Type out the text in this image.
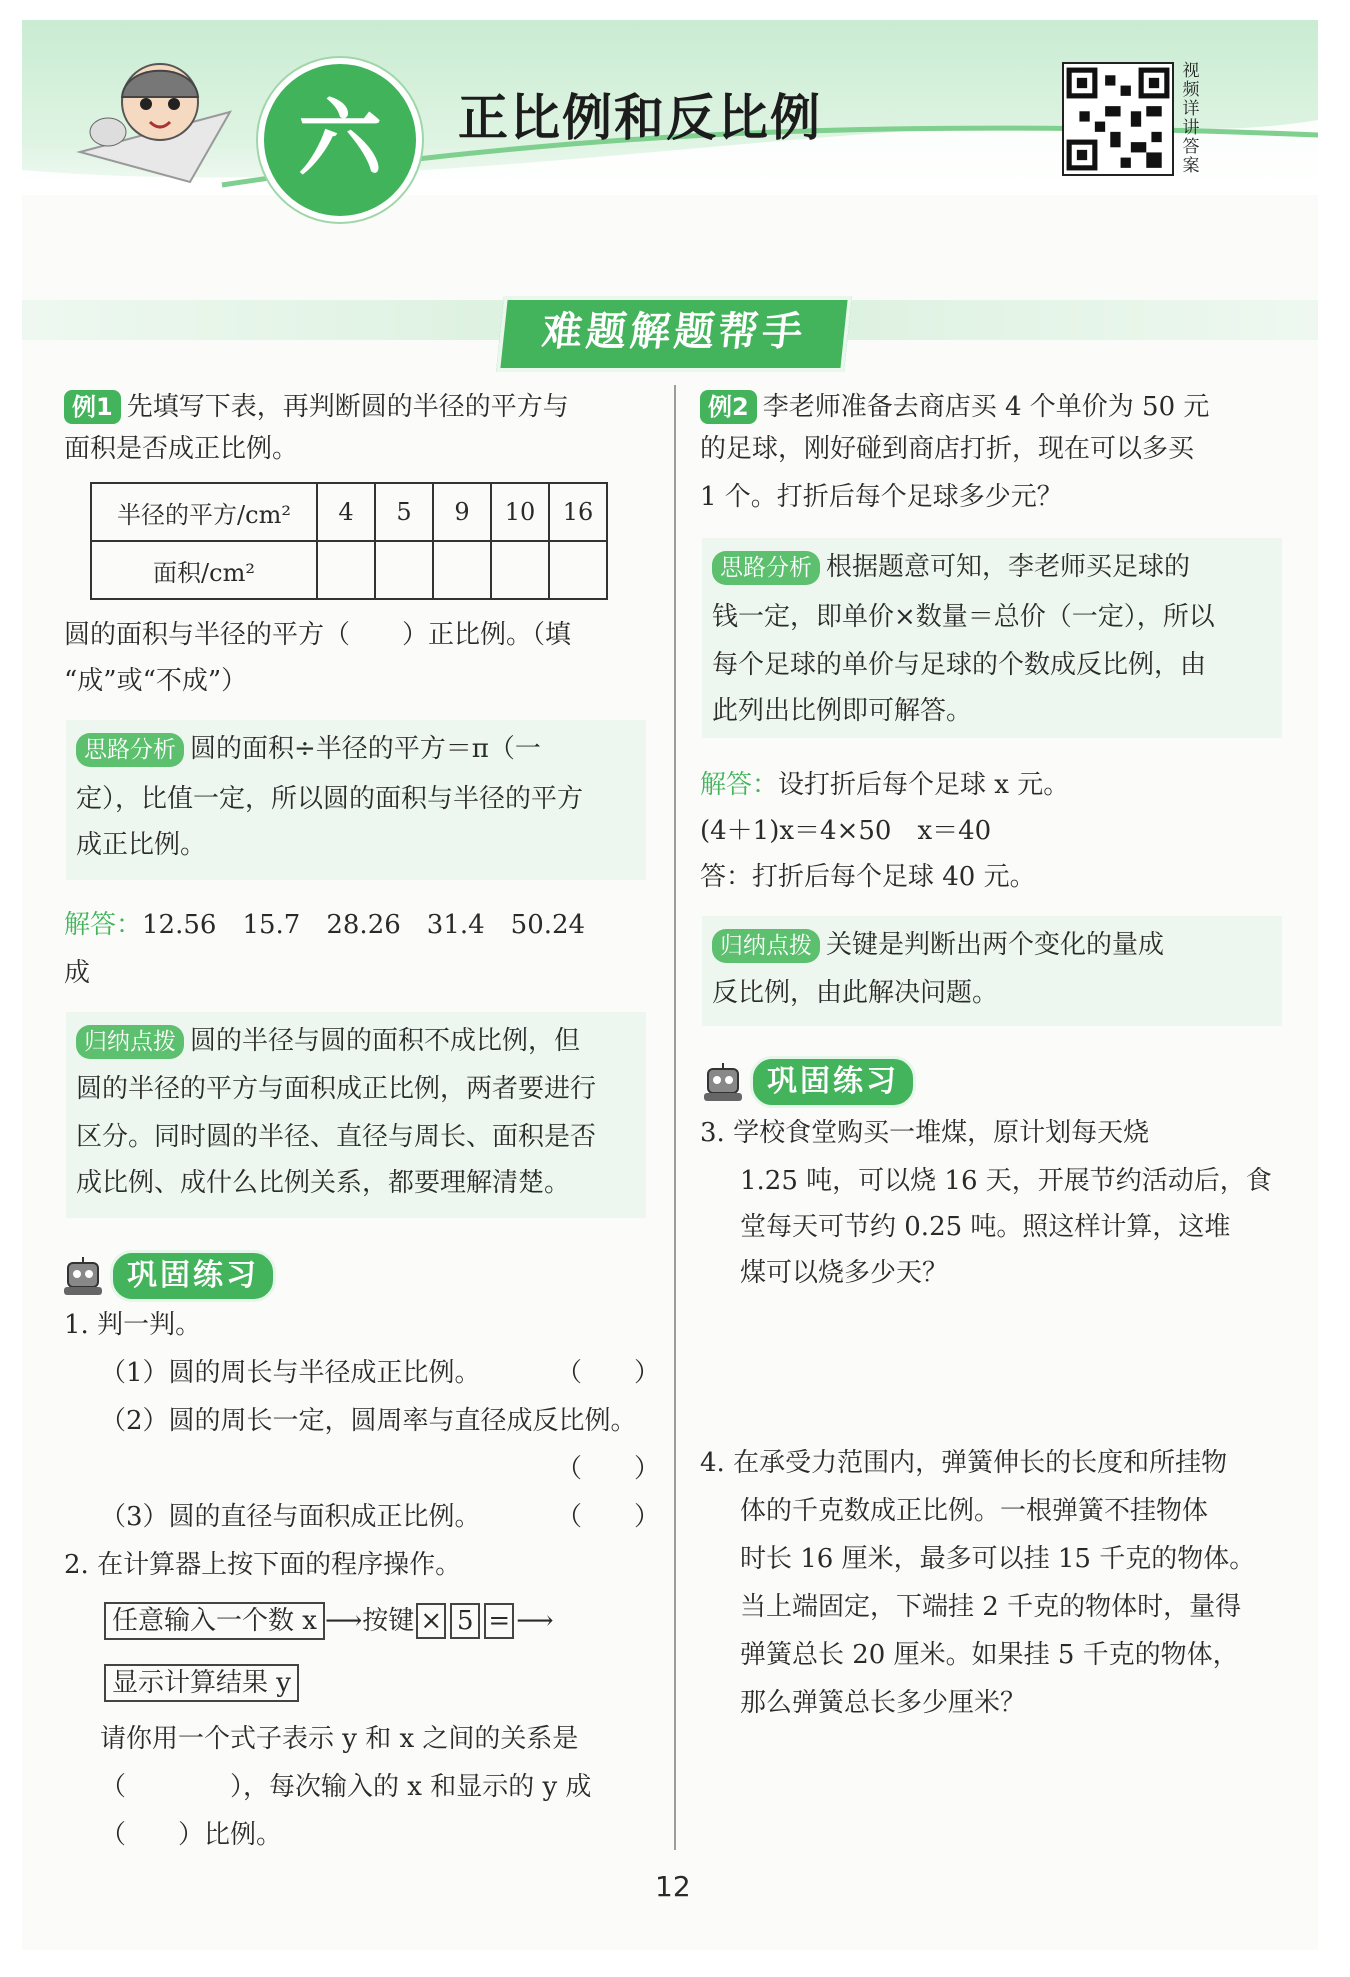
六	正比例和反比例
视频详讲答案
难题解题帮手
例1 先填写下表，再判断圆的半径的平方与
面积是否成正比例。
半径的平方/cm²	4	5	9	10	16
面积/cm²					
圆的面积与半径的平方（　　）正比例。（填
“成”或“不成”）
思路分析 圆的面积÷半径的平方＝π（一
定），比值一定，所以圆的面积与半径的平方
成正比例。
解答：12.56　15.7　28.26　31.4　50.24
成
归纳点拨 圆的半径与圆的面积不成比例，但
圆的半径的平方与面积成正比例，两者要进行
区分。同时圆的半径、直径与周长、面积是否
成比例、成什么比例关系，都要理解清楚。
巩固练习
1. 判一判。
（1）圆的周长与半径成正比例。	（　　）
（2）圆的周长一定，圆周率与直径成反比例。
（　　）
（3）圆的直径与面积成正比例。	（　　）
2. 在计算器上按下面的程序操作。
任意输入一个数 x ⟶按键 × 5 = ⟶
显示计算结果 y
请你用一个式子表示 y 和 x 之间的关系是
（　　　　），每次输入的 x 和显示的 y 成
（　　）比例。
例2 李老师准备去商店买 4 个单价为 50 元
的足球，刚好碰到商店打折，现在可以多买
1 个。打折后每个足球多少元？
思路分析 根据题意可知，李老师买足球的
钱一定，即单价×数量＝总价（一定），所以
每个足球的单价与足球的个数成反比例，由
此列出比例即可解答。
解答：设打折后每个足球 x 元。
(4＋1)x＝4×50　x＝40
答：打折后每个足球 40 元。
归纳点拨 关键是判断出两个变化的量成
反比例，由此解决问题。
巩固练习
3. 学校食堂购买一堆煤，原计划每天烧
1.25 吨，可以烧 16 天，开展节约活动后，食
堂每天可节约 0.25 吨。照这样计算，这堆
煤可以烧多少天？
4. 在承受力范围内，弹簧伸长的长度和所挂物
体的千克数成正比例。一根弹簧不挂物体
时长 16 厘米，最多可以挂 15 千克的物体。
当上端固定，下端挂 2 千克的物体时，量得
弹簧总长 20 厘米。如果挂 5 千克的物体，
那么弹簧总长多少厘米？
12
